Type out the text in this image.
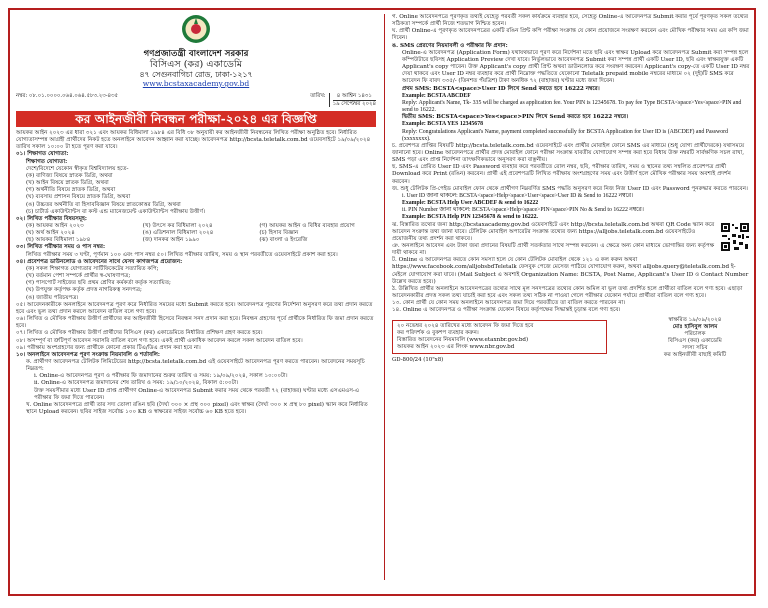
গণপ্রজাতন্ত্রী বাংলাদেশ সরকার
বিসিএস (কর) একাডেমি
৪৭ সেগুনবাগিচা রোড, ঢাকা-১২১৭
www.bcstaxacademy.gov.bd
নম্বর: ০৮.০১.০০০০.০৬৪.০৬৪.৫৮৩.২৩-৪৩৫	তারিখ:	৪ আশ্বিন ১৪৩১
১৯ সেপ্টেম্বর ২০২৪
কর আইনজীবী নিবন্ধন পরীক্ষা-২০২৪ এর বিজ্ঞপ্তি

আয়কর আইন ২০২৩ এর ধারা ৩২১ এবং আয়কর বিধিমালা ১৯৮৪ এর বিধি ৩৮ অনুযায়ী কর আইনজীবী নিবন্ধনের লিখিত পরীক্ষা অনুষ্ঠিত হবে। নির্ধারিত যোগ্যতাসম্পন্ন আগ্রহী প্রার্থীদের নিকট হতে অনলাইনে আবেদন আহ্বান করা যাচ্ছে। আবেদনপত্র http://bcsta.teletalk.com.bd ওয়েবসাইটে ১৯/০৯/২০২৪ তারিখ সকাল ১০:০০ টা হতে পূরণ করা যাবে।

০১। শিক্ষাগত যোগ্যতা:

শিক্ষাগত যোগ্যতা:

দেশে/বিদেশে যেকোন স্বীকৃত বিশ্ববিদ্যালয় হতে-

(ক) বাণিজ্য বিষয়ে স্নাতক ডিগ্রি, অথবা

(খ) আইন বিষয়ে স্নাতক ডিগ্রি, অথবা

(গ) অর্থনীতি বিষয়ে স্নাতক ডিগ্রি, অথবা

(ঘ) ব্যবসায় প্রশাসন বিষয়ে স্নাতক ডিগ্রি, অথবা

(ঙ) উচ্চতর অর্থনীতি বা হিসাববিজ্ঞান বিষয়ে স্নাতকোত্তর ডিগ্রি, অথবা

(চ) চার্টার্ড একাউন্ট্যান্টস বা কস্ট এন্ড ম্যানেজমেন্ট একাউন্ট্যান্টস পরীক্ষায় উত্তীর্ণ।

০২। লিখিত পরীক্ষার বিষয়সমূহ:

(ক) আয়কর আইন ২০২৩	(খ) উৎসে কর বিধিমালা ২০২৪	(গ) আয়কর আইন ও বিধির ব্যবহার প্রয়োগ
(ঘ) অর্থ আইন ২০২৪	(ঙ) এডিশনাল বিধিমালা ২০২৪	(চ) হিসাব বিজ্ঞান
(ছ) আয়কর বিধিমালা ১৯৮৪	(জ) দানকর আইন ১৯৯০	(ঝ) বাংলা ও ইংরেজি

০৩। লিখিত পরীক্ষার সময় ও পাস নম্বর:

লিখিত পরীক্ষার সময় ৩ ঘণ্টা, পূর্ণমান ১০০ এবং পাস নম্বর ৫০। লিখিত পরীক্ষার তারিখ, সময় ও স্থান পরবর্তীতে ওয়েবসাইটে প্রকাশ করা হবে।

০৪। প্রবেশপত্র ডাউনলোড ও আবেদনের সাথে যেসব কাগজপত্র প্রয়োজন:

(ক) সকল শিক্ষাগত যোগ্যতার সার্টিফিকেটের সত্যায়িত কপি;

(খ) বর্তমান পেশা সম্পর্কে প্রার্থীর স্ব-ঘোষণাপত্র;

(গ) পাসপোর্ট সাইজের ছবি প্রথম শ্রেণির কর্মকর্তা কর্তৃক সত্যায়িত;

(ঘ) উপযুক্ত কর্তৃপক্ষ কর্তৃক প্রদত্ত নাগরিকত্ব সনদপত্র;

(ঙ) জাতীয় পরিচয়পত্র।

০৫। আবেদনকারীকে অনলাইনে আবেদনপত্র পূরণ করে নির্ধারিত সময়ের মধ্যে Submit করতে হবে। আবেদনপত্র পূরণের নির্দেশনা অনুসরণ করে তথ্য প্রদান করতে হবে এবং ভুল তথ্য প্রদান করলে আবেদন বাতিল বলে গণ্য হবে।

০৬। লিখিত ও মৌখিক পরীক্ষায় উত্তীর্ণ প্রার্থীদের কর আইনজীবী হিসেবে নিবন্ধন সনদ প্রদান করা হবে। নিবন্ধন গ্রহণের পূর্বে প্রার্থীকে নির্ধারিত ফি জমা প্রদান করতে হবে।

০৭। লিখিত ও মৌখিক পরীক্ষায় উত্তীর্ণ প্রার্থীদের বিসিএস (কর) একাডেমিতে নির্ধারিত প্রশিক্ষণ গ্রহণ করতে হবে।

০৮। অসম্পূর্ণ বা ত্রুটিপূর্ণ আবেদন সরাসরি বাতিল বলে গণ্য হবে। একই প্রার্থী একাধিক আবেদন করলে সকল আবেদন বাতিল হবে।

০৯। পরীক্ষায় অংশগ্রহণের জন্য প্রার্থীকে কোনো প্রকার টিএ/ডিএ প্রদান করা হবে না।

১০। অনলাইনে আবেদনপত্র পূরণ সংক্রান্ত নিয়মাবলি ও শর্তাবলি:

ক. প্রার্থীগণ আবেদনপত্র টেলিটক লিমিটেডের http://bcsta.teletalk.com.bd এই ওয়েবসাইটে আবেদনপত্র পূরণ করতে পারবেন। আবেদনের সময়সূচি নিম্নরূপ:

i. Online-এ আবেদনপত্র পূরণ ও পরীক্ষার ফি জমাদানের শুরুর তারিখ ও সময়: ১৯/০৯/২০২৪, সকাল ১০:০০টা।

ii. Online-এ আবেদনপত্র জমাদানের শেষ তারিখ ও সময়: ১৯/১০/২০২৪, বিকাল ৫:০০টা।

উক্ত সময়সীমার মধ্যে User ID প্রাপ্ত প্রার্থীগণ Online-এ আবেদনপত্র Submit করার সময় থেকে পরবর্তী ৭২ (বাহাত্তর) ঘণ্টার মধ্যে এসএমএস-এ পরীক্ষার ফি জমা দিতে পারবেন।

খ. Online আবেদনপত্রে প্রার্থী তার সদ্য তোলা রঙিন ছবি (দৈর্ঘ্য ৩০০ × প্রস্থ ৩০০ pixel) এবং স্বাক্ষর (দৈর্ঘ্য ৩০০ × প্রস্থ ৮০ pixel) স্ক্যান করে নির্ধারিত স্থানে Upload করবেন। ছবির সাইজ সর্বোচ্চ ১০০ KB ও স্বাক্ষরের সাইজ সর্বোচ্চ ৬০ KB হতে হবে।

গ. Online আবেদনপত্রে পূরণকৃত তথ্যই যেহেতু পরবর্তী সকল কার্যক্রমে ব্যবহার হবে, সেহেতু Online-এ আবেদনপত্র Submit করার পূর্বে পূরণকৃত সকল তথ্যের সঠিকতা সম্পর্কে প্রার্থী নিজে শতভাগ নিশ্চিত হবেন।

ঘ. প্রার্থী Online-এ পূরণকৃত আবেদনপত্রের একটি রঙিন প্রিন্ট কপি পরীক্ষা সংক্রান্ত যে কোন প্রয়োজনে সংরক্ষণ করবেন এবং মৌখিক পরীক্ষার সময় এর কপি জমা দিবেন।

ঙ. SMS প্রেরণের নিয়মাবলী ও পরীক্ষার ফি প্রদান:

Online-এ আবেদনপত্র (Application Form) যথাযথভাবে পূরণ করে নির্দেশনা মতে ছবি এবং স্বাক্ষর Upload করে আবেদনপত্র Submit করা সম্পন্ন হলে কম্পিউটারে ছবিসহ Application Preview দেখা যাবে। নির্ভুলভাবে আবেদনপত্র Submit করা সম্পন্ন প্রার্থী একটি User ID, ছবি এবং স্বাক্ষরযুক্ত একটি Applicant's copy পাবেন। উক্ত Applicant's copy প্রার্থী প্রিন্ট অথবা ডাউনলোড করে সংরক্ষণ করবেন। Applicant's copy-তে একটি User ID নম্বর দেয়া থাকবে এবং User ID নম্বর ব্যবহার করে প্রার্থী নিম্নোক্ত পদ্ধতিতে যেকোনো Teletalk prepaid mobile নম্বরের মাধ্যমে ০২ (দুই)টি SMS করে আবেদন ফি বাবদ ৩৩৫/- (তিনশত পঁয়ত্রিশ) টাকা অনধিক ৭২ (বাহাত্তর) ঘণ্টার মধ্যে জমা দিবেন।

প্রথম SMS: BCSTA<space>User ID লিখে Send করতে হবে 16222 নম্বরে।

Example: BCSTA ABCDEF

Reply: Applicant's Name, Tk- 335 will be charged as application fee. Your PIN is 12345678. To pay fee Type BCSTA<space>Yes<space>PIN and send to 16222.

দ্বিতীয় SMS: BCSTA<space>Yes<space>PIN লিখে Send করতে হবে 16222 নম্বরে।

Example: BCSTA YES 12345678

Reply: Congratulations Applicant's Name, payment completed successfully for BCSTA Application for User ID is (ABCDEF) and Password (xxxxxxxx).

চ. প্রবেশপত্র প্রাপ্তির বিষয়টি http://bcsta.teletalk.com.bd ওয়েবসাইটে এবং প্রার্থীর মোবাইল ফোনে SMS এর মাধ্যমে (শুধু যোগ্য প্রার্থীদেরকে) যথাসময়ে জানানো হবে। Online আবেদনপত্রে প্রার্থীর প্রদত্ত মোবাইল ফোনে পরীক্ষা সংক্রান্ত যাবতীয় যোগাযোগ সম্পন্ন করা হবে বিধায় উক্ত নম্বরটি সার্বক্ষণিক সচল রাখা, SMS পড়া এবং প্রাপ্ত নির্দেশনা তাৎক্ষণিকভাবে অনুসরণ করা বাঞ্ছনীয়।

ছ. SMS-এ প্রেরিত User ID এবং Password ব্যবহার করে পরবর্তীতে রোল নম্বর, ছবি, পরীক্ষার তারিখ, সময় ও স্থানের তথ্য সম্বলিত প্রবেশপত্র প্রার্থী Download করে Print (রঙিন) করবেন। প্রার্থী এই প্রবেশপত্রটি লিখিত পরীক্ষায় অংশগ্রহণের সময় এবং উত্তীর্ণ হলে মৌখিক পরীক্ষার সময় অবশ্যই প্রদর্শন করবেন।

জ. শুধু টেলিটক প্রি-পেইড মোবাইল ফোন থেকে প্রার্থীগণ নিম্নবর্ণিত SMS পদ্ধতি অনুসরণ করে নিজ নিজ User ID এবং Password পুনরুদ্ধার করতে পারবেন।

i. User ID জানা থাকলে: BCSTA<space>Help<space>User<space>User ID & Send to 16222 নম্বরে।

Example: BCSTA Help User ABCDEF & send to 16222

ii. PIN Number জানা থাকলে: BCSTA<space>Help<space>PIN<space>PIN No & Send to 16222 নম্বরে।

Example: BCSTA Help PIN 12345678 & send to 16222.

ঝ. বিস্তারিত তথ্যের জন্য http://bcstaxacademy.gov.bd ওয়েবসাইটে এবং http://bcsta.teletalk.com.bd অথবা QR Code স্ক্যান করে আবেদন সংক্রান্ত তথ্য জানা যাবে। টেলিটক মোবাইল অপারেটর সংক্রান্ত তথ্যের জন্য https://alljobs.teletalk.com.bd ওয়েবসাইটেও প্রয়োজনীয় তথ্য প্রদর্শন করা থাকবে।

ঞ. অনলাইনে আবেদন এবং টাকা জমা প্রদানের বিষয়টি প্রার্থী সতর্কতার সাথে সম্পন্ন করবেন। এ ক্ষেত্রে অন্য কোন মাধ্যমে ভোগান্তির জন্য কর্তৃপক্ষ দায়ী থাকবে না।

ট. Online এ আবেদনপত্র করতে কোন সমস্যা হলে যে কোন টেলিটক মোবাইল থেকে ১২১ এ কল করুন অথবা https://www.facebook.com/alljobsbdTeletalk ফেসবুক পেজে মেসেজ পাঠিয়ে যোগাযোগ করুন, অথবা alljobs.query@teletalk.com.bd ই-মেইলে যোগাযোগ করা যাবে। (Mail Subject এ অবশ্যই Organization Name: BCSTA, Post Name, Applicant's User ID ও Contact Number উল্লেখ করতে হবে।)

ঠ. উল্লিখিত প্রার্থীর অনলাইনে আবেদনপত্রের তথ্যের সাথে মূল সনদপত্রের তথ্যের কোন অমিল বা ভুল তথ্য প্রদর্শিত হলে প্রার্থীতা বাতিল বলে গণ্য হবে। এছাড়া আবেদনকারীর প্রদত্ত সকল তথ্য যাচাই করা হবে এবং সকল তথ্য সঠিক না পাওয়া গেলে পরীক্ষার যেকোন পর্যায়ে প্রার্থীতা বাতিল বলে গণ্য হবে।

১৩. কোন প্রার্থী যে কোন সময় অনলাইনে আবেদনপত্র জমা দিয়ে পরবর্তীতে তা বাতিল করতে পারবেন না।

১৪. Online এ আবেদনপত্র ও পরীক্ষা সংক্রান্ত যেকোন বিষয়ে কর্তৃপক্ষের সিদ্ধান্তই চূড়ান্ত বলে গণ্য হবে।

২০ নভেম্বর ২০২৪ তারিখের মধ্যে আবেদন ফি জমা দিতে হবে

কর পরিদর্শক ও বুকশপ ব্যবহার করুন।

বিস্তারিত আবেদনের নিয়মাবলি (www.etaxnbr.gov.bd)

আয়কর আইন ২০২৩ এর লিংক www.nbr.gov.bd

GD-800/24 (10"x8)
স্বাক্ষরিত ১৯/০৯/২০২৪
মোঃ হাসিবুল আলম
পরিচালক
বিসিএস (কর) একাডেমি
সদস্য সচিব
কর আইনজীবী বাছাই কমিটি
